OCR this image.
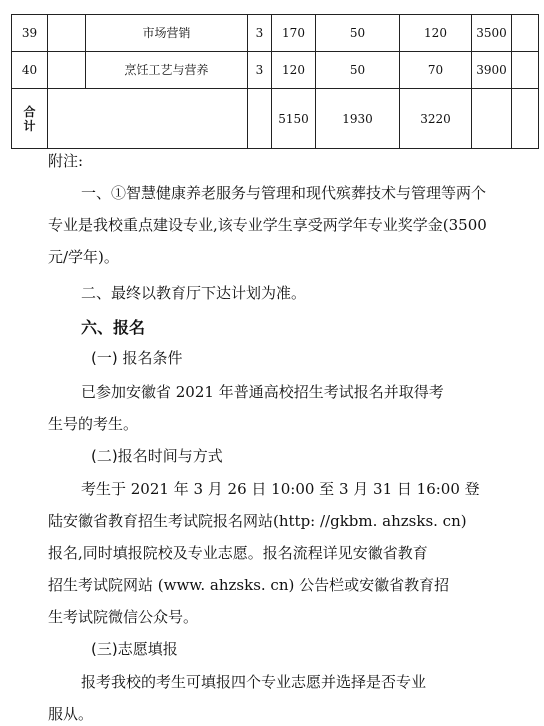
39		市场营销	3	170	50	120	3500	
40		烹饪工艺与营养	3	120	50	70	3900	

合
计				5150	1930	3220		
附注:
一、①智慧健康养老服务与管理和现代殡葬技术与管理等两个
专业是我校重点建设专业,该专业学生享受两学年专业奖学金(3500
元/学年)。
二、最终以教育厅下达计划为准。
六、报名
(一) 报名条件
已参加安徽省 2021 年普通高校招生考试报名并取得考
生号的考生。
(二)报名时间与方式
考生于 2021 年 3 月 26 日 10:00 至 3 月 31 日 16:00 登
陆安徽省教育招生考试院报名网站(http: //gkbm. ahzsks. cn)
报名,同时填报院校及专业志愿。报名流程详见安徽省教育
招生考试院网站 (www. ahzsks. cn) 公告栏或安徽省教育招
生考试院微信公众号。
(三)志愿填报
报考我校的考生可填报四个专业志愿并选择是否专业
服从。
